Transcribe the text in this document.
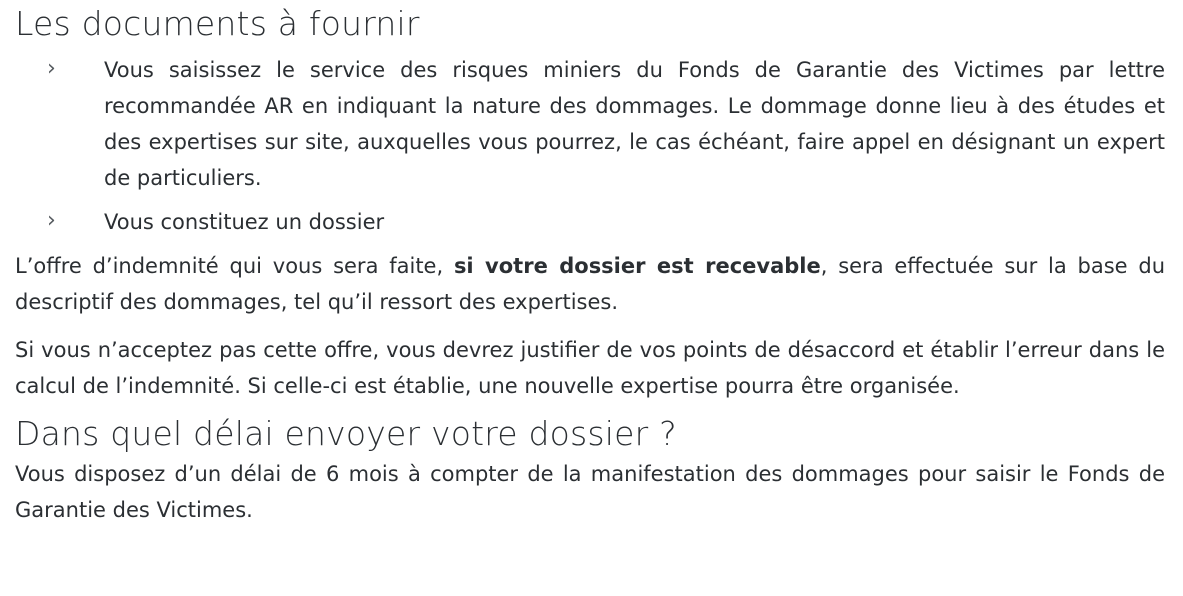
Les documents à fournir
› Vous saisissez le service des risques miniers du Fonds de Garantie des Victimes par lettre recommandée AR en indiquant la nature des dommages. Le dommage donne lieu à des études et des expertises sur site, auxquelles vous pourrez, le cas échéant, faire appel en désignant un expert de particuliers.
› Vous constituez un dossier

L’offre d’indemnité qui vous sera faite, si votre dossier est recevable, sera effectuée sur la base du descriptif des dommages, tel qu’il ressort des expertises.

Si vous n’acceptez pas cette offre, vous devrez justifier de vos points de désaccord et établir l’erreur dans le calcul de l’indemnité. Si celle-ci est établie, une nouvelle expertise pourra être organisée.

Dans quel délai envoyer votre dossier ?

Vous disposez d’un délai de 6 mois à compter de la manifestation des dommages pour saisir le Fonds de Garantie des Victimes.
